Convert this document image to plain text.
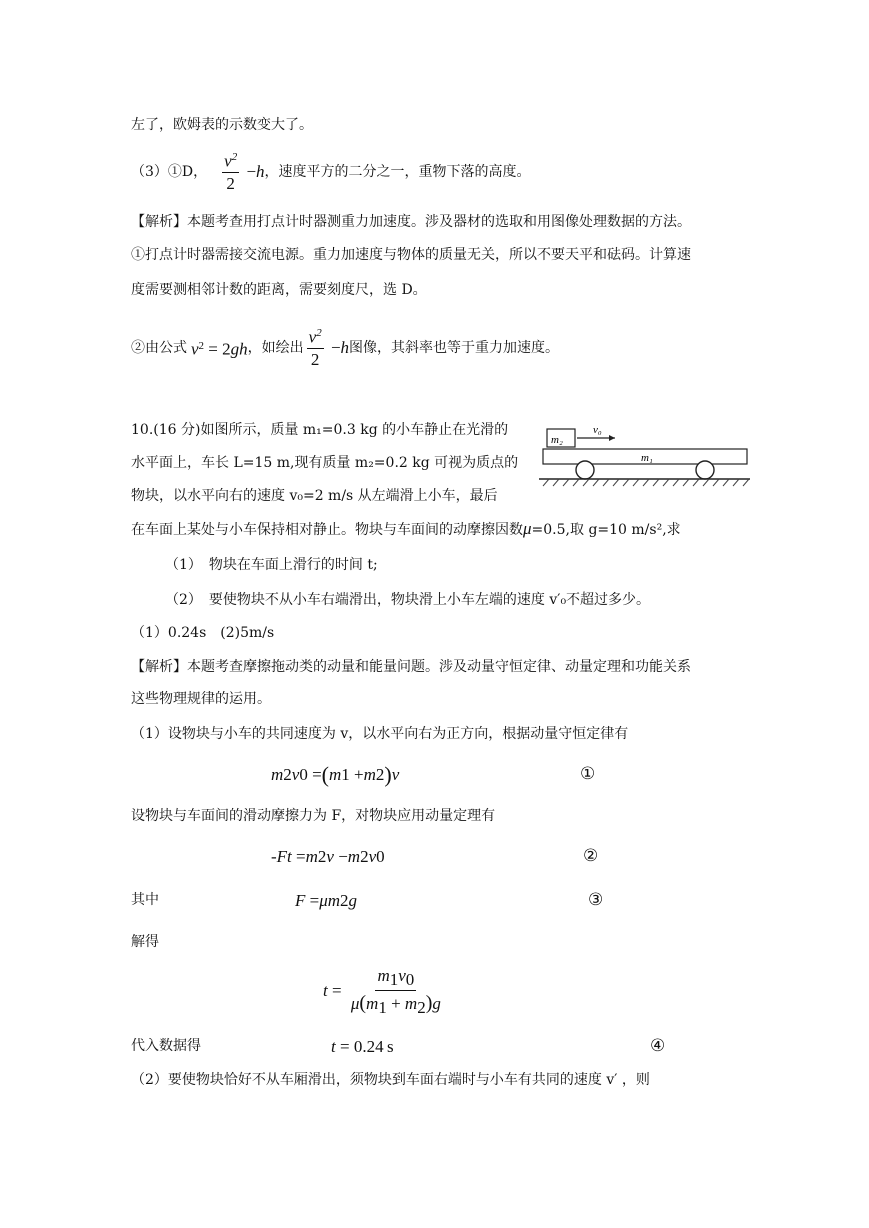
左了，欧姆表的示数变大了。
（3）①D， $\frac{v^2}{2} - h$ ，速度平方的二分之一，重物下落的高度。
【解析】本题考查用打点计时器测重力加速度。涉及器材的选取和用图像处理数据的方法。
①打点计时器需接交流电源。重力加速度与物体的质量无关，所以不要天平和砝码。计算速
度需要测相邻计数的距离，需要刻度尺，选 D。
②由公式 $v^2 = 2gh$ ，如绘出 $\frac{v^2}{2} - h$ 图像，其斜率也等于重力加速度。
10.(16 分)如图所示，质量 m₁=0.3 kg 的小车静止在光滑的
水平面上，车长 L=15 m,现有质量 m₂=0.2 kg 可视为质点的
物块，以水平向右的速度 v₀=2 m/s 从左端滑上小车，最后
在车面上某处与小车保持相对静止。物块与车面间的动摩擦因数μ=0.5,取 g=10 m/s²,求
m₂
v₀
m₁
（1）　物块在车面上滑行的时间 t;
（2）　要使物块不从小车右端滑出，物块滑上小车左端的速度 v′₀不超过多少。
（1）0.24s　(2)5m/s
【解析】本题考查摩擦拖动类的动量和能量问题。涉及动量守恒定律、动量定理和功能关系
这些物理规律的运用。
（1）设物块与小车的共同速度为 v，以水平向右为正方向，根据动量守恒定律有
m 2 v 0 = ( m 1 + m 2 ) v	①
设物块与车面间的滑动摩擦力为 F，对物块应用动量定理有
- Ft = m 2 v − m 2 v 0	②
其中	F = μm 2 g	③
解得
$t = \frac{m_1v_0}{\mu(m_1 + m_2)g}$
代入数据得	t = 0.24 s	④
（2）要使物块恰好不从车厢滑出，须物块到车面右端时与小车有共同的速度 v′ ，则
